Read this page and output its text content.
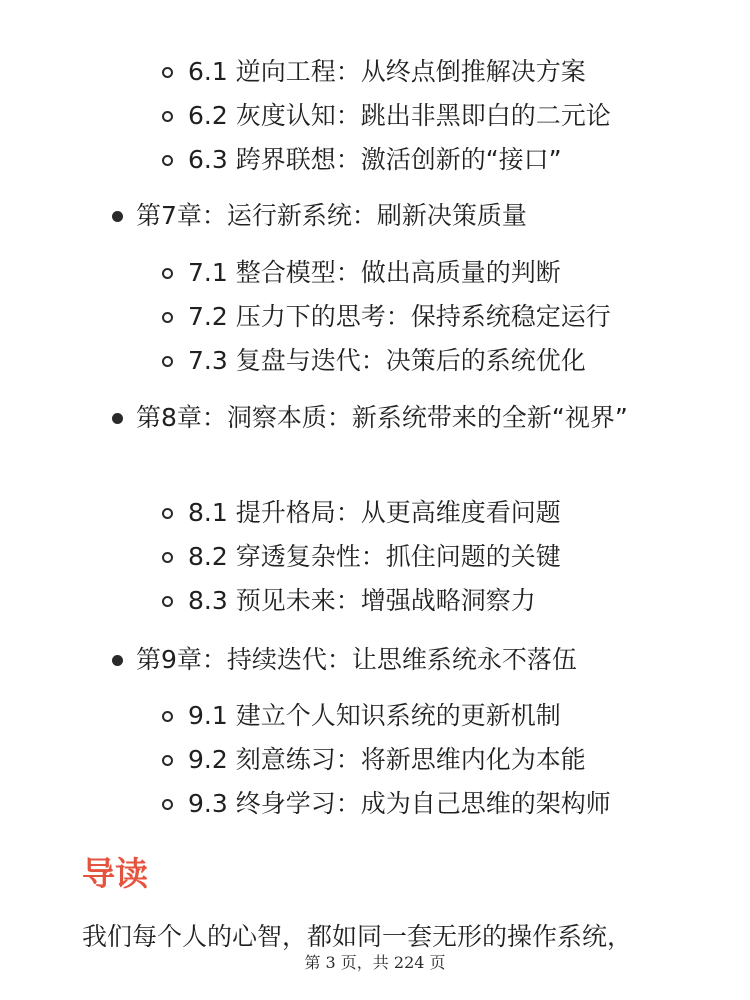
6.1 逆向工程：从终点倒推解决方案
6.2 灰度认知：跳出非黑即白的二元论
6.3 跨界联想：激活创新的“接口”
第7章：运行新系统：刷新决策质量
7.1 整合模型：做出高质量的判断
7.2 压力下的思考：保持系统稳定运行
7.3 复盘与迭代：决策后的系统优化
第8章：洞察本质：新系统带来的全新“视界”
8.1 提升格局：从更高维度看问题
8.2 穿透复杂性：抓住问题的关键
8.3 预见未来：增强战略洞察力
第9章：持续迭代：让思维系统永不落伍
9.1 建立个人知识系统的更新机制
9.2 刻意练习：将新思维内化为本能
9.3 终身学习：成为自己思维的架构师
导读
我们每个人的心智，都如同一套无形的操作系统，
第 3 页，共 224 页
